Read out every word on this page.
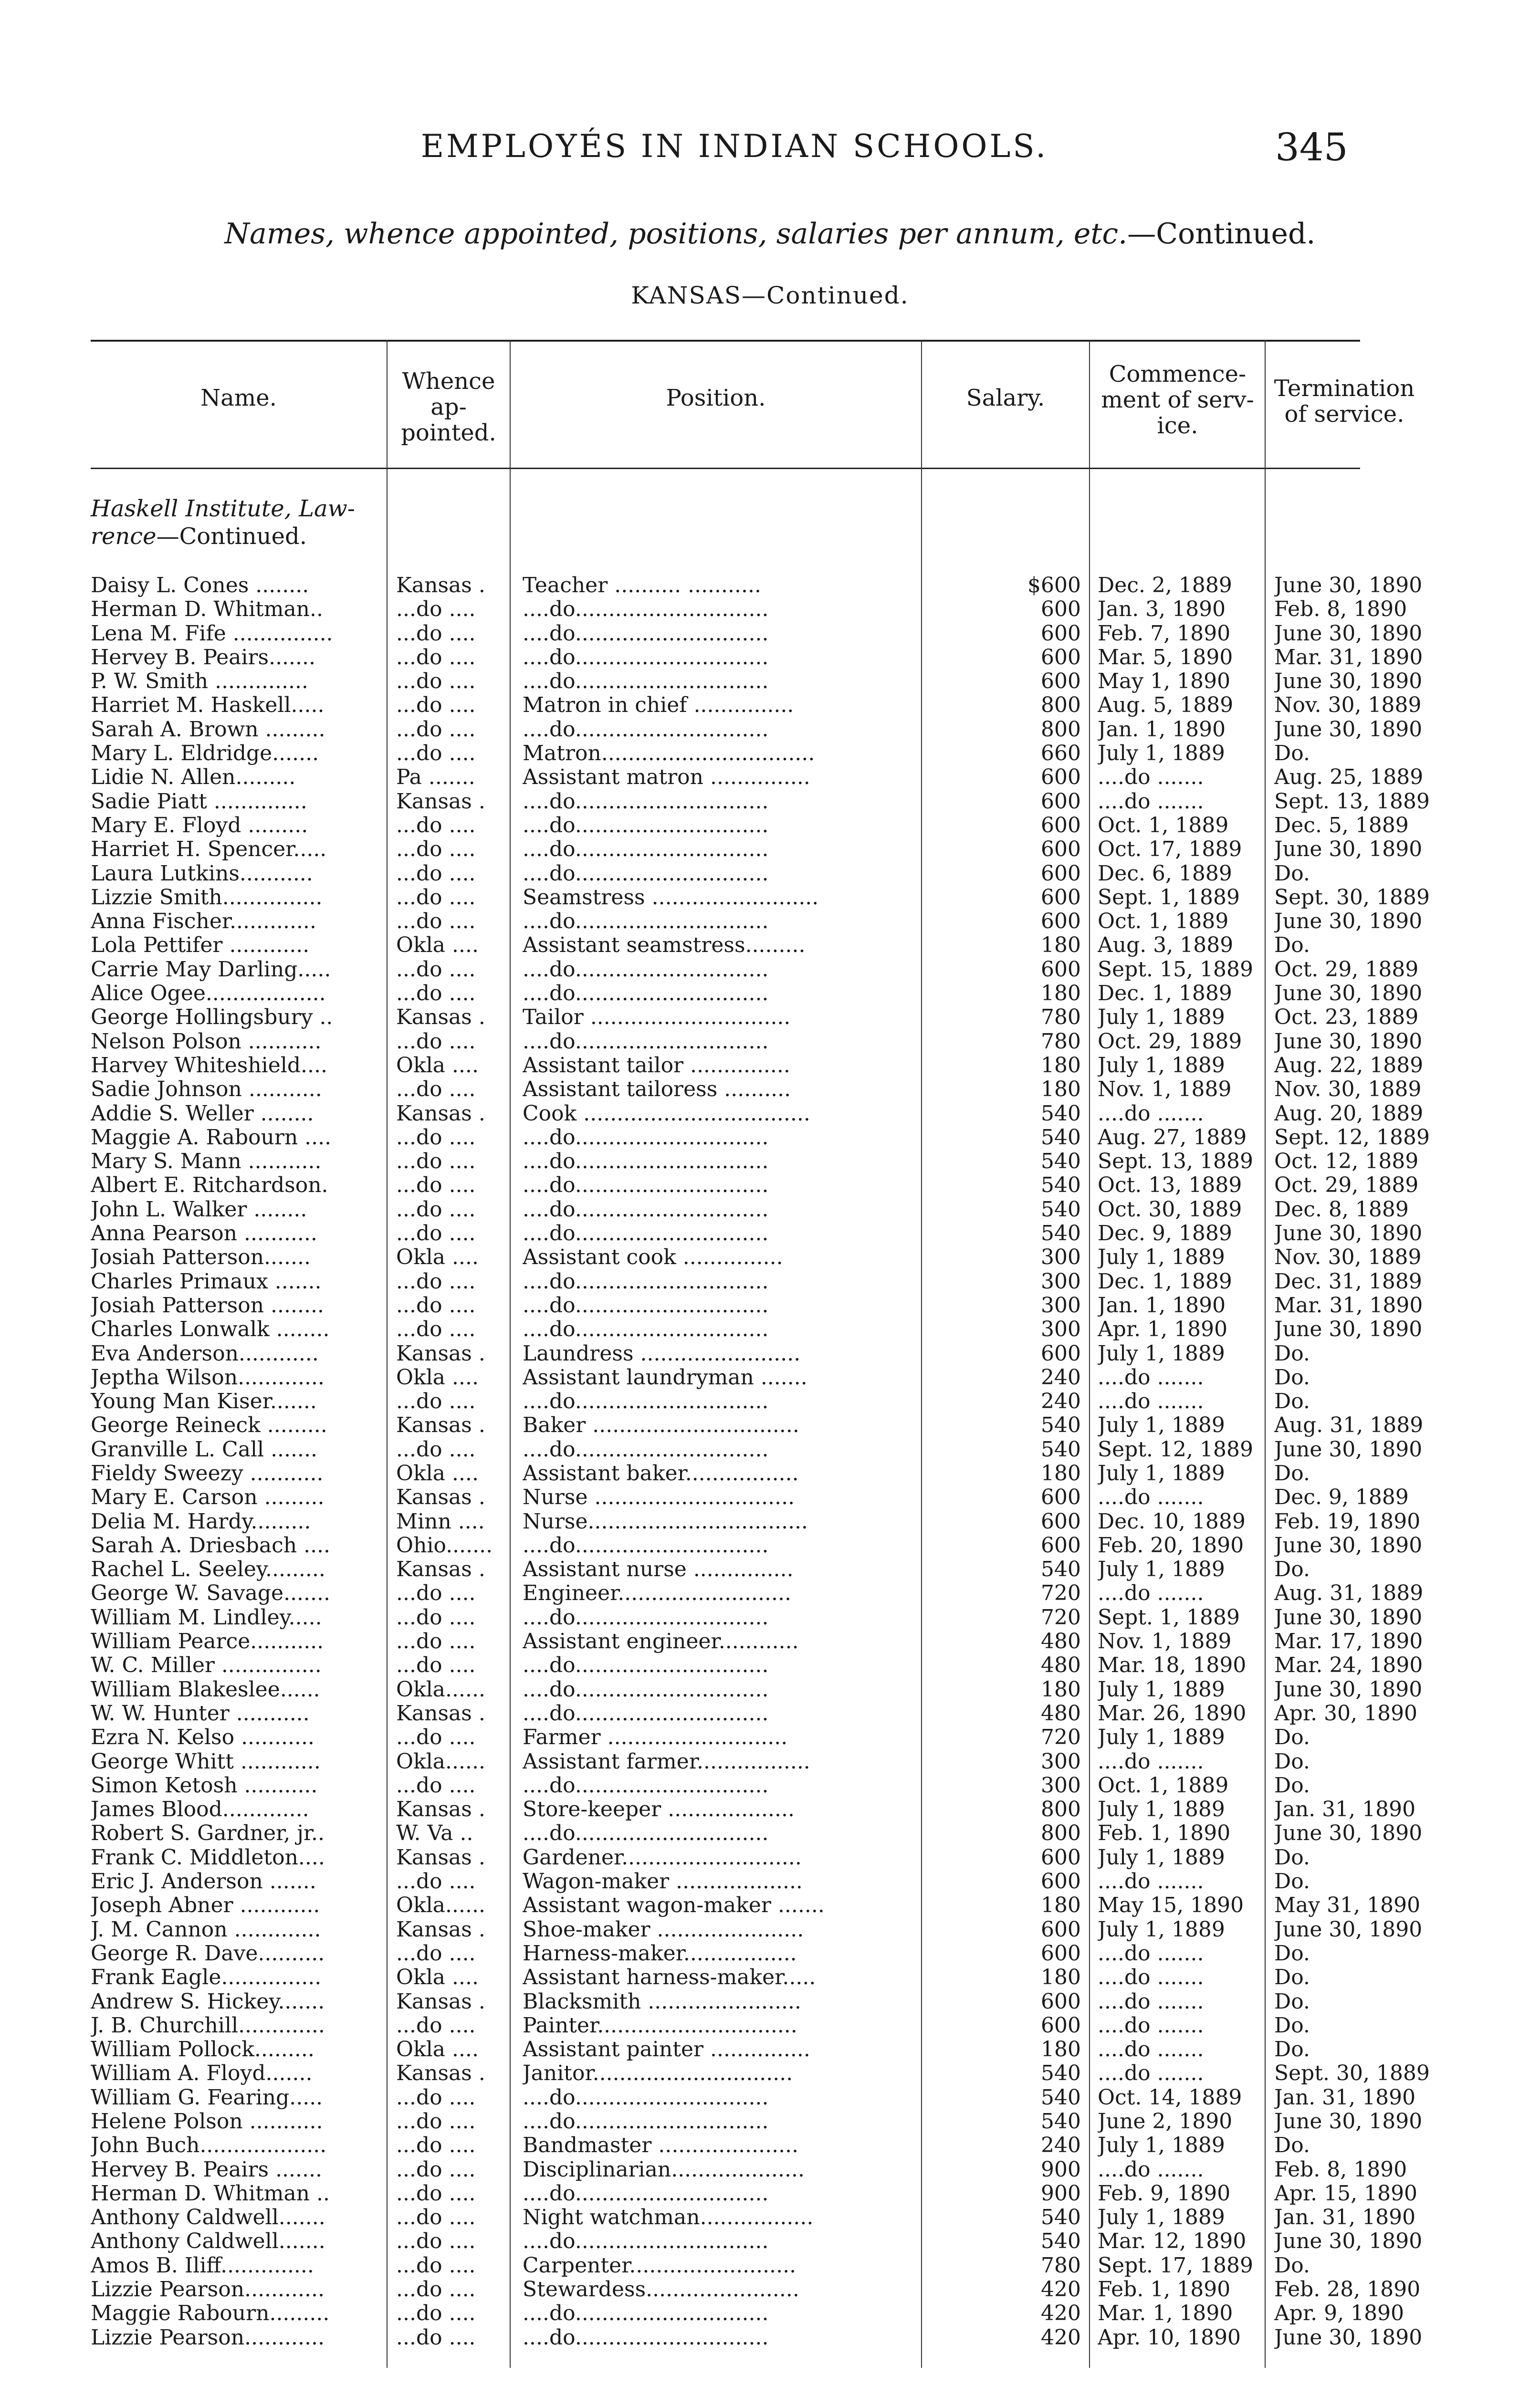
EMPLOYÉS IN INDIAN SCHOOLS.	345
Names, whence appointed, positions, salaries per annum, etc.—Continued.
KANSAS—Continued.
Name.
Whence ap- pointed.
Position.	Salary.
Commence- ment of serv- ice.
Termination of service.
Haskell Institute, Law- rence—Continued.
Daisy L. Cones ........	Kansas .	Teacher .......... ...........	$600 Dec. 2, 1889	June 30, 1890
Herman D. Whitman..	...do ....	....do.............................	600 Jan. 3, 1890	Feb. 8, 1890
Lena M. Fife ...............	...do ....	....do.............................	600 Feb. 7, 1890	June 30, 1890
Hervey B. Peairs.......	...do ....	....do.............................	600 Mar. 5, 1890	Mar. 31, 1890
P. W. Smith ..............	...do ....	....do.............................	600 May 1, 1890	June 30, 1890
Harriet M. Haskell.....	...do ....	Matron in chief ...............	800 Aug. 5, 1889	Nov. 30, 1889
Sarah A. Brown .........	...do ....	....do.............................	800 Jan. 1, 1890	June 30, 1890
Mary L. Eldridge.......	...do ....	Matron................................	660 July 1, 1889	Do.
Lidie N. Allen.........	Pa .......	Assistant matron ...............	600 ....do .......	Aug. 25, 1889
Sadie Piatt ..............	Kansas .	....do.............................	600 ....do .......	Sept. 13, 1889
Mary E. Floyd .........	...do ....	....do.............................	600 Oct. 1, 1889	Dec. 5, 1889
Harriet H. Spencer.....	...do ....	....do.............................	600 Oct. 17, 1889	June 30, 1890
Laura Lutkins...........	...do ....	....do.............................	600 Dec. 6, 1889	Do.
Lizzie Smith...............	...do ....	Seamstress .........................	600 Sept. 1, 1889	Sept. 30, 1889
Anna Fischer.............	...do ....	....do.............................	600 Oct. 1, 1889	June 30, 1890
Lola Pettifer ............	Okla ....	Assistant seamstress.........	180 Aug. 3, 1889	Do.
Carrie May Darling.....	...do ....	....do.............................	600 Sept. 15, 1889	Oct. 29, 1889
Alice Ogee..................	...do ....	....do.............................	180 Dec. 1, 1889	June 30, 1890
George Hollingsbury ..	Kansas .	Tailor ..............................	780 July 1, 1889	Oct. 23, 1889
Nelson Polson ...........	...do ....	....do.............................	780 Oct. 29, 1889	June 30, 1890
Harvey Whiteshield....	Okla ....	Assistant tailor ...............	180 July 1, 1889	Aug. 22, 1889
Sadie Johnson ...........	...do ....	Assistant tailoress ..........	180 Nov. 1, 1889	Nov. 30, 1889
Addie S. Weller ........	Kansas .	Cook ..................................	540 ....do .......	Aug. 20, 1889
Maggie A. Rabourn ....	...do ....	....do.............................	540 Aug. 27, 1889	Sept. 12, 1889
Mary S. Mann ...........	...do ....	....do.............................	540 Sept. 13, 1889	Oct. 12, 1889
Albert E. Ritchardson.	...do ....	....do.............................	540 Oct. 13, 1889	Oct. 29, 1889
John L. Walker ........	...do ....	....do.............................	540 Oct. 30, 1889	Dec. 8, 1889
Anna Pearson ...........	...do ....	....do.............................	540 Dec. 9, 1889	June 30, 1890
Josiah Patterson.......	Okla ....	Assistant cook ...............	300 July 1, 1889	Nov. 30, 1889
Charles Primaux .......	...do ....	....do.............................	300 Dec. 1, 1889	Dec. 31, 1889
Josiah Patterson ........	...do ....	....do.............................	300 Jan. 1, 1890	Mar. 31, 1890
Charles Lonwalk ........	...do ....	....do.............................	300 Apr. 1, 1890	June 30, 1890
Eva Anderson............	Kansas .	Laundress ........................	600 July 1, 1889	Do.
Jeptha Wilson.............	Okla ....	Assistant laundryman .......	240 ....do .......	Do.
Young Man Kiser.......	...do ....	....do.............................	240 ....do .......	Do.
George Reineck .........	Kansas .	Baker ...............................	540 July 1, 1889	Aug. 31, 1889
Granville L. Call .......	...do ....	....do.............................	540 Sept. 12, 1889	June 30, 1890
Fieldy Sweezy ...........	Okla ....	Assistant baker.................	180 July 1, 1889	Do.
Mary E. Carson .........	Kansas .	Nurse ..............................	600 ....do .......	Dec. 9, 1889
Delia M. Hardy.........	Minn ....	Nurse.................................	600 Dec. 10, 1889	Feb. 19, 1890
Sarah A. Driesbach ....	Ohio....... ....do.............................	600 Feb. 20, 1890	June 30, 1890
Rachel L. Seeley.........	Kansas .	Assistant nurse ...............	540 July 1, 1889	Do.
George W. Savage.......	...do ....	Engineer..........................	720 ....do .......	Aug. 31, 1889
William M. Lindley.....	...do ....	....do.............................	720 Sept. 1, 1889	June 30, 1890
William Pearce...........	...do ....	Assistant engineer............	480 Nov. 1, 1889	Mar. 17, 1890
W. C. Miller ...............	...do ....	....do.............................	480 Mar. 18, 1890	Mar. 24, 1890
William Blakeslee......	Okla......	....do.............................	180 July 1, 1889	June 30, 1890
W. W. Hunter ...........	Kansas .	....do.............................	480 Mar. 26, 1890	Apr. 30, 1890
Ezra N. Kelso ...........	...do ....	Farmer ...........................	720 July 1, 1889	Do.
George Whitt ............	Okla......	Assistant farmer.................	300 ....do .......	Do.
Simon Ketosh ...........	...do ....	....do.............................	300 Oct. 1, 1889	Do.
James Blood.............	Kansas .	Store-keeper ...................	800 July 1, 1889	Jan. 31, 1890
Robert S. Gardner, jr..	W. Va ..	....do.............................	800 Feb. 1, 1890	June 30, 1890
Frank C. Middleton....	Kansas .	Gardener...........................	600 July 1, 1889	Do.
Eric J. Anderson .......	...do ....	Wagon-maker ...................	600 ....do .......	Do.
Joseph Abner ............	Okla......	Assistant wagon-maker .......	180 May 15, 1890	May 31, 1890
J. M. Cannon .............	Kansas .	Shoe-maker ......................	600 July 1, 1889	June 30, 1890
George R. Dave..........	...do ....	Harness-maker.................	600 ....do .......	Do.
Frank Eagle...............	Okla ....	Assistant harness-maker.....	180 ....do .......	Do.
Andrew S. Hickey.......	Kansas .	Blacksmith .......................	600 ....do .......	Do.
J. B. Churchill.............	...do ....	Painter..............................	600 ....do .......	Do.
William Pollock.........	Okla ....	Assistant painter ...............	180 ....do .......	Do.
William A. Floyd.......	Kansas .	Janitor..............................	540 ....do .......	Sept. 30, 1889
William G. Fearing.....	...do ....	....do.............................	540 Oct. 14, 1889	Jan. 31, 1890
Helene Polson ...........	...do ....	....do.............................	540 June 2, 1890	June 30, 1890
John Buch...................	...do ....	Bandmaster .....................	240 July 1, 1889	Do.
Hervey B. Peairs .......	...do ....	Disciplinarian....................	900 ....do .......	Feb. 8, 1890
Herman D. Whitman ..	...do ....	....do.............................	900 Feb. 9, 1890	Apr. 15, 1890
Anthony Caldwell.......	...do ....	Night watchman.................	540 July 1, 1889	Jan. 31, 1890
Anthony Caldwell.......	...do ....	....do.............................	540 Mar. 12, 1890	June 30, 1890
Amos B. Iliff..............	...do ....	Carpenter.........................	780 Sept. 17, 1889	Do.
Lizzie Pearson............	...do ....	Stewardess.......................	420 Feb. 1, 1890	Feb. 28, 1890
Maggie Rabourn.........	...do ....	....do.............................	420 Mar. 1, 1890	Apr. 9, 1890
Lizzie Pearson............	...do ....	....do.............................	420 Apr. 10, 1890	June 30, 1890
